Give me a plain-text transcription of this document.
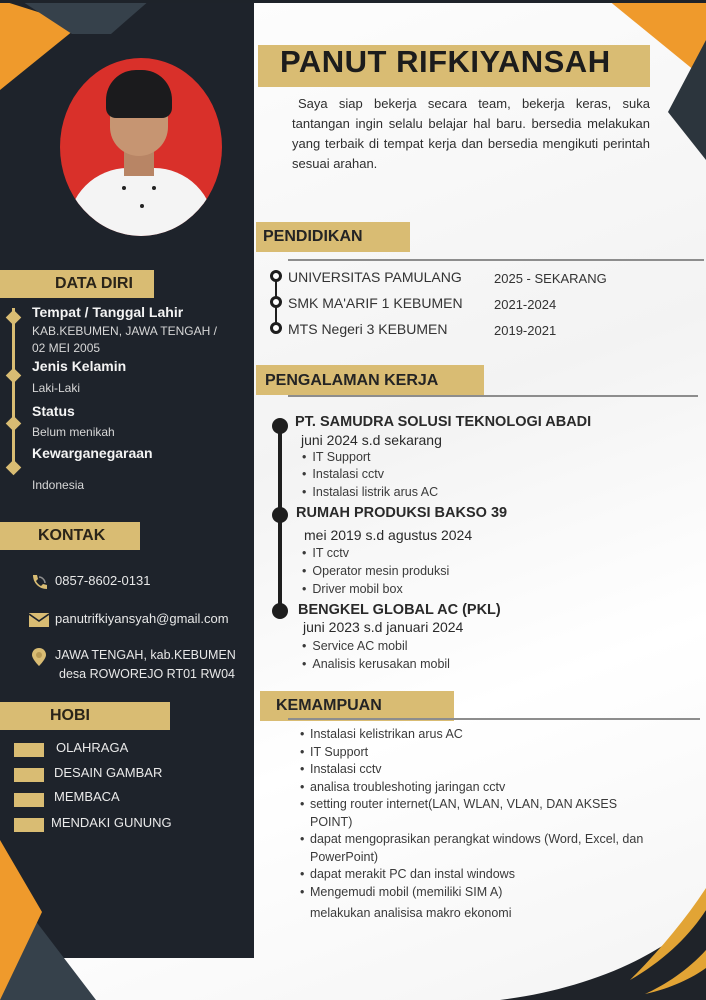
DATA DIRI
Tempat / Tanggal Lahir
KAB.KEBUMEN, JAWA TENGAH /
02 MEI 2005
Jenis Kelamin
Laki-Laki
Status
Belum menikah
Kewarganegaraan
Indonesia
KONTAK
0857-8602-0131
panutrifkiyansyah@gmail.com
JAWA TENGAH, kab.KEBUMEN
desa ROWOREJO RT01 RW04
HOBI
OLAHRAGA
DESAIN GAMBAR
MEMBACA
MENDAKI GUNUNG
PANUT RIFKIYANSAH
Saya siap bekerja secara team, bekerja keras, suka tantangan ingin selalu belajar hal baru. bersedia melakukan yang terbaik di tempat kerja dan bersedia mengikuti perintah sesuai arahan.
PENDIDIKAN
UNIVERSITAS PAMULANG 2025 - SEKARANG
SMK MA'ARIF 1 KEBUMEN 2021-2024
MTS Negeri 3 KEBUMEN	2019-2021
PENGALAMAN KERJA
PT. SAMUDRA SOLUSI TEKNOLOGI ABADI
juni 2024 s.d sekarang
• IT Support
• Instalasi cctv
• Instalasi listrik arus AC
RUMAH PRODUKSI BAKSO 39
mei 2019 s.d agustus 2024
• IT cctv
• Operator mesin produksi
• Driver mobil box
BENGKEL GLOBAL AC (PKL)
juni 2023 s.d januari 2024
• Service AC mobil
• Analisis kerusakan mobil
KEMAMPUAN
• Instalasi kelistrikan arus AC
• IT Support
• Instalasi cctv
• analisa troubleshoting jaringan cctv
• setting router internet(LAN, WLAN, VLAN, DAN AKSES POINT)
• dapat mengoprasikan perangkat windows (Word, Excel, dan PowerPoint)
• dapat merakit PC dan instal windows
• Mengemudi mobil (memiliki SIM A)
melakukan analisisa makro ekonomi
